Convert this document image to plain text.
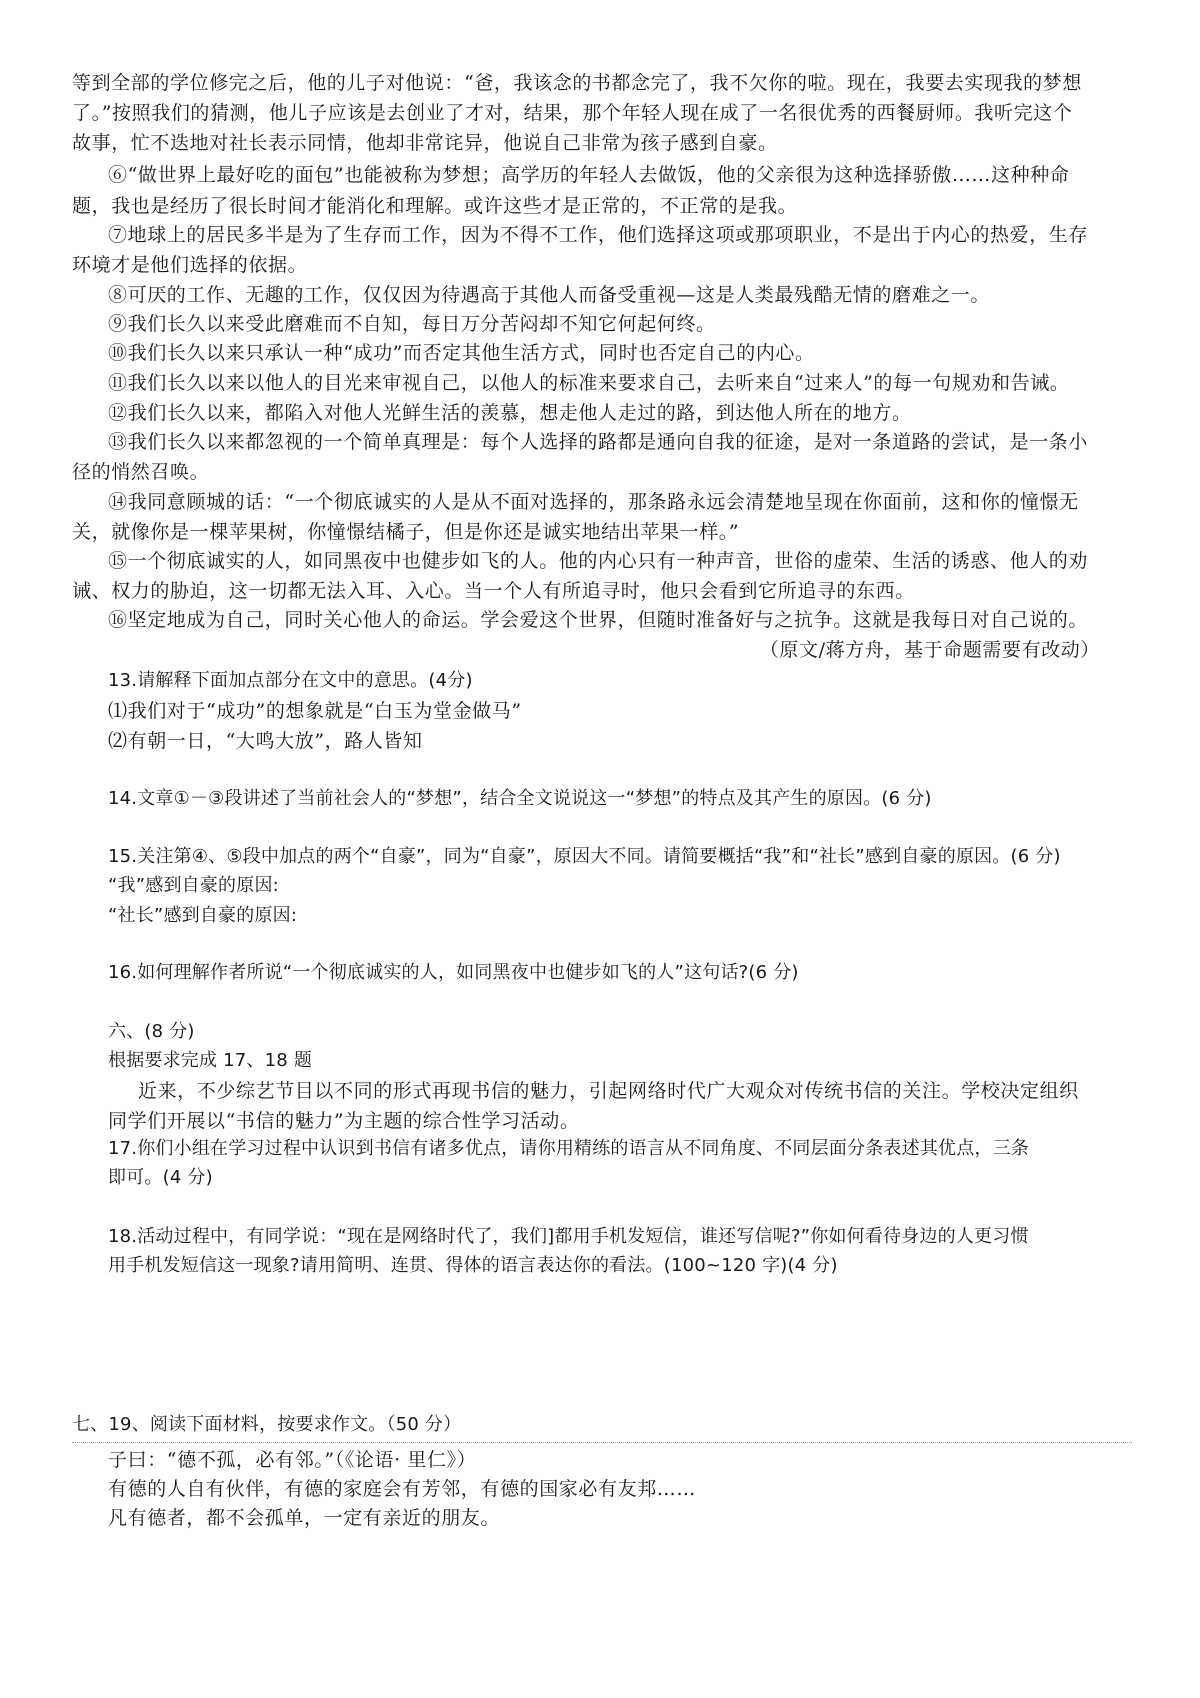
等到全部的学位修完之后，他的儿子对他说：“爸，我该念的书都念完了，我不欠你的啦。现在，我要去实现我的梦想
了。”按照我们的猜测，他儿子应该是去创业了才对，结果，那个年轻人现在成了一名很优秀的西餐厨师。我听完这个
故事，忙不迭地对社长表示同情，他却非常诧异，他说自己非常为孩子感到自豪。
⑥“做世界上最好吃的面包”也能被称为梦想；高学历的年轻人去做饭，他的父亲很为这种选择骄傲……这种种命
题，我也是经历了很长时间才能消化和理解。或许这些才是正常的，不正常的是我。
⑦地球上的居民多半是为了生存而工作，因为不得不工作，他们选择这项或那项职业，不是出于内心的热爱，生存
环境才是他们选择的依据。
⑧可厌的工作、无趣的工作，仅仅因为待遇高于其他人而备受重视—这是人类最残酷无情的磨难之一。
⑨我们长久以来受此磨难而不自知，每日万分苦闷却不知它何起何终。
⑩我们长久以来只承认一种“成功”而否定其他生活方式，同时也否定自己的内心。
⑪我们长久以来以他人的目光来审视自己，以他人的标准来要求自己，去听来自“过来人”的每一句规劝和告诫。
⑫我们长久以来，都陷入对他人光鲜生活的羡慕，想走他人走过的路，到达他人所在的地方。
⑬我们长久以来都忽视的一个简单真理是：每个人选择的路都是通向自我的征途，是对一条道路的尝试，是一条小
径的悄然召唤。
⑭我同意顾城的话：“一个彻底诚实的人是从不面对选择的，那条路永远会清楚地呈现在你面前，这和你的憧憬无
关，就像你是一棵苹果树，你憧憬结橘子，但是你还是诚实地结出苹果一样。”
⑮一个彻底诚实的人，如同黑夜中也健步如飞的人。他的内心只有一种声音，世俗的虚荣、生活的诱惑、他人的劝
诫、权力的胁迫，这一切都无法入耳、入心。当一个人有所追寻时，他只会看到它所追寻的东西。
⑯坚定地成为自己，同时关心他人的命运。学会爱这个世界，但随时准备好与之抗争。这就是我每日对自己说的。
（原文/蒋方舟，基于命题需要有改动）
13.请解释下面加点部分在文中的意思。(4分)
⑴我们对于“成功”的想象就是“白玉为堂金做马”
⑵有朝一日，“大鸣大放”，路人皆知
14.文章①－③段讲述了当前社会人的“梦想”，结合全文说说这一“梦想”的特点及其产生的原因。(6 分)
15.关注第④、⑤段中加点的两个“自豪”，同为“自豪”，原因大不同。请简要概括“我”和“社长”感到自豪的原因。(6 分)
“我”感到自豪的原因:
“社长”感到自豪的原因:
16.如何理解作者所说“一个彻底诚实的人，如同黑夜中也健步如飞的人”这句话?(6 分)
六、(8 分)
根据要求完成 17、18 题
近来，不少综艺节目以不同的形式再现书信的魅力，引起网络时代广大观众对传统书信的关注。学校决定组织
同学们开展以“书信的魅力”为主题的综合性学习活动。
17.你们小组在学习过程中认识到书信有诸多优点，请你用精练的语言从不同角度、不同层面分条表述其优点，三条
即可。(4 分)
18.活动过程中，有同学说：“现在是网络时代了，我们]都用手机发短信，谁还写信呢?”你如何看待身边的人更习惯
用手机发短信这一现象?请用简明、连贯、得体的语言表达你的看法。(100~120 字)(4 分)
七、19、阅读下面材料，按要求作文。（50 分）
子曰：“德不孤，必有邻。”（《论语· 里仁》）
有德的人自有伙伴，有德的家庭会有芳邻，有德的国家必有友邦……
凡有德者，都不会孤单，一定有亲近的朋友。
